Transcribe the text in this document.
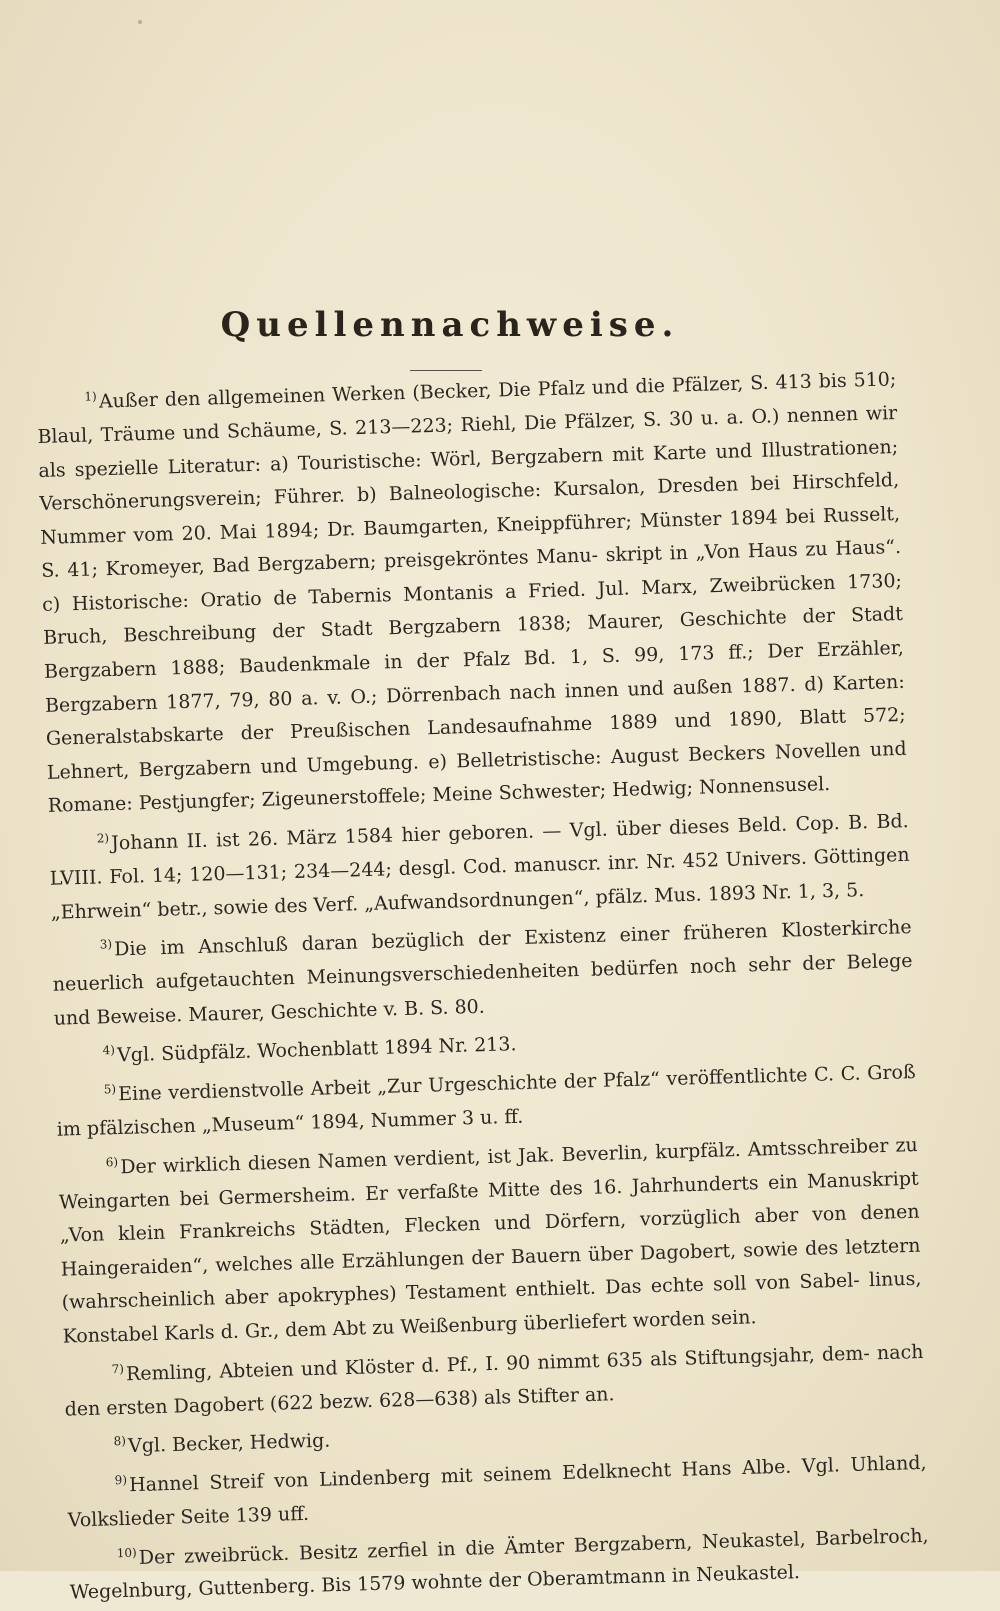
Quellennachweise.

$^{1)}$Außer den allgemeinen Werken (Becker, Die Pfalz und die Pfälzer, S. 413 bis 510; Blaul, Träume und Schäume, S. 213—223; Riehl, Die Pfälzer, S. 30 u. a. O.) nennen wir als spezielle Literatur: a) Touristische: Wörl, Bergzabern mit Karte und Illustrationen; Verschönerungsverein; Führer. b) Balneologische: Kursalon, Dresden bei Hirschfeld, Nummer vom 20. Mai 1894; Dr. Baumgarten, Kneippführer; Münster 1894 bei Russelt, S. 41; Kromeyer, Bad Bergzabern; preisgekröntes Manu- skript in „Von Haus zu Haus“. c) Historische: Oratio de Tabernis Montanis a Fried. Jul. Marx, Zweibrücken 1730; Bruch, Beschreibung der Stadt Bergzabern 1838; Maurer, Geschichte der Stadt Bergzabern 1888; Baudenkmale in der Pfalz Bd. 1, S. 99, 173 ff.; Der Erzähler, Bergzabern 1877, 79, 80 a. v. O.; Dörrenbach nach innen und außen 1887. d) Karten: Generalstabskarte der Preußischen Landesaufnahme 1889 und 1890, Blatt 572; Lehnert, Bergzabern und Umgebung. e) Belletristische: August Beckers Novellen und Romane: Pestjungfer; Zigeunerstoffele; Meine Schwester; Hedwig; Nonnensusel.

$^{2)}$Johann II. ist 26. März 1584 hier geboren. — Vgl. über dieses Beld. Cop. B. Bd. LVIII. Fol. 14; 120—131; 234—244; desgl. Cod. manuscr. inr. Nr. 452 Univers. Göttingen „Ehrwein“ betr., sowie des Verf. „Aufwandsordnungen“, pfälz. Mus. 1893 Nr. 1, 3, 5.

$^{3)}$Die im Anschluß daran bezüglich der Existenz einer früheren Klosterkirche neuerlich aufgetauchten Meinungsverschiedenheiten bedürfen noch sehr der Belege und Beweise. Maurer, Geschichte v. B. S. 80.

$^{4)}$Vgl. Südpfälz. Wochenblatt 1894 Nr. 213.

$^{5)}$Eine verdienstvolle Arbeit „Zur Urgeschichte der Pfalz“ veröffentlichte C. C. Groß im pfälzischen „Museum“ 1894, Nummer 3 u. ff.

$^{6)}$Der wirklich diesen Namen verdient, ist Jak. Beverlin, kurpfälz. Amtsschreiber zu Weingarten bei Germersheim. Er verfaßte Mitte des 16. Jahrhunderts ein Manuskript „Von klein Frankreichs Städten, Flecken und Dörfern, vorzüglich aber von denen Haingeraiden“, welches alle Erzählungen der Bauern über Dagobert, sowie des letztern (wahrscheinlich aber apokryphes) Testament enthielt. Das echte soll von Sabel- linus, Konstabel Karls d. Gr., dem Abt zu Weißenburg überliefert worden sein.

$^{7)}$Remling, Abteien und Klöster d. Pf., I. 90 nimmt 635 als Stiftungsjahr, dem- nach den ersten Dagobert (622 bezw. 628—638) als Stifter an.

$^{8)}$Vgl. Becker, Hedwig.

$^{9)}$Hannel Streif von Lindenberg mit seinem Edelknecht Hans Albe. Vgl. Uhland, Volkslieder Seite 139 uff.

$^{10)}$Der zweibrück. Besitz zerfiel in die Ämter Bergzabern, Neukastel, Barbelroch, Wegelnburg, Guttenberg. Bis 1579 wohnte der Oberamtmann in Neukastel.
